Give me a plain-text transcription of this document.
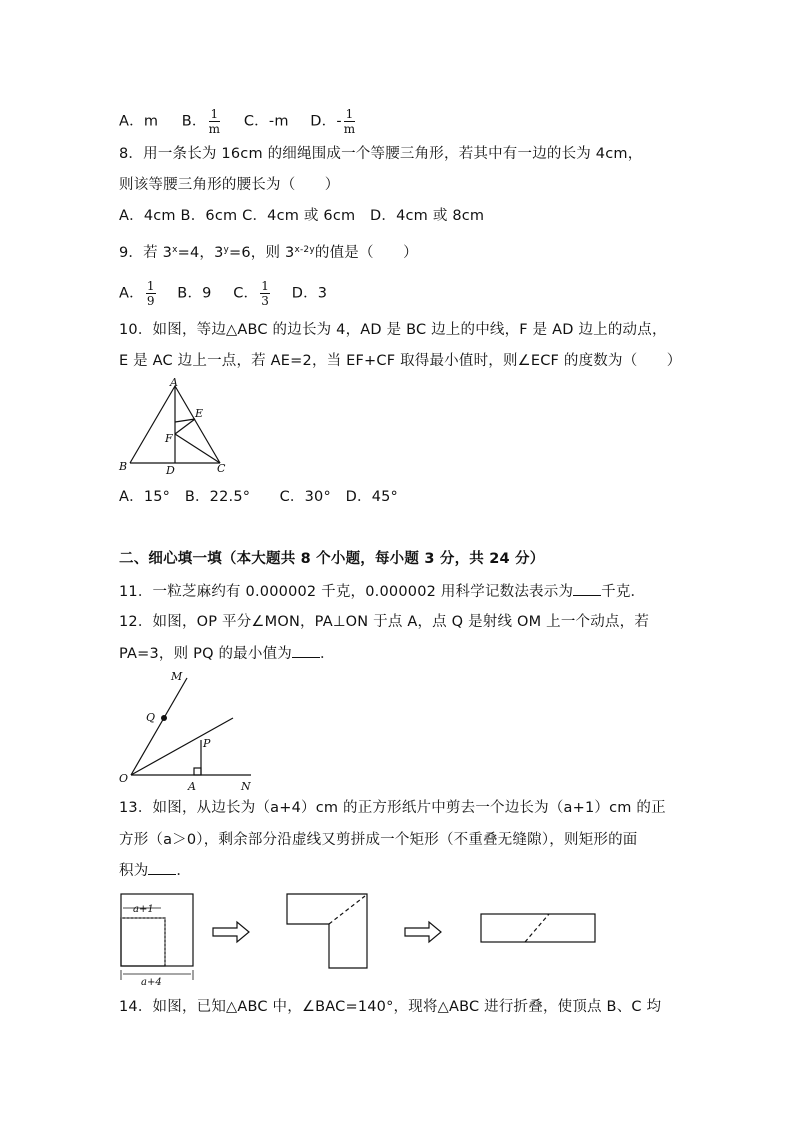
A．m B． $\frac{1}{m}$ C．-m D．- $\frac{1}{m}$
8．用一条长为 16cm 的细绳围成一个等腰三角形，若其中有一边的长为 4cm，
则该等腰三角形的腰长为（　　）
A．4cm B．6cm C．4cm 或 6cm　D．4cm 或 8cm
9．若 $3^x=4$，$3^y=6$，则 $3^{x-2y}$的值是（　　）
A． $\frac{1}{9}$ B．9 C． $\frac{1}{3}$ D．3
10．如图，等边△ABC 的边长为 4，AD 是 BC 边上的中线，F 是 AD 边上的动点，
E 是 AC 边上一点，若 AE=2，当 EF+CF 取得最小值时，则∠ECF 的度数为（　　）
A
B	C
D
E
F
A．15°　B．22.5°　　C．30°　D．45°
二、细心填一填（本大题共 8 个小题，每小题 3 分，共 24 分）
11．一粒芝麻约有 0.000002 千克，0.000002 用科学记数法表示为 千克．
12．如图，OP 平分∠MON，PA⊥ON 于点 A，点 Q 是射线 OM 上一个动点，若
PA=3，则 PQ 的最小值为 ．
M
Q
P
O
A	N
13．如图，从边长为（a+4）cm 的正方形纸片中剪去一个边长为（a+1）cm 的正
方形（a＞0），剩余部分沿虚线又剪拼成一个矩形（不重叠无缝隙），则矩形的面
积为 ．
a+1
a+4
14．如图，已知△ABC 中，∠BAC=140°，现将△ABC 进行折叠，使顶点 B、C 均
